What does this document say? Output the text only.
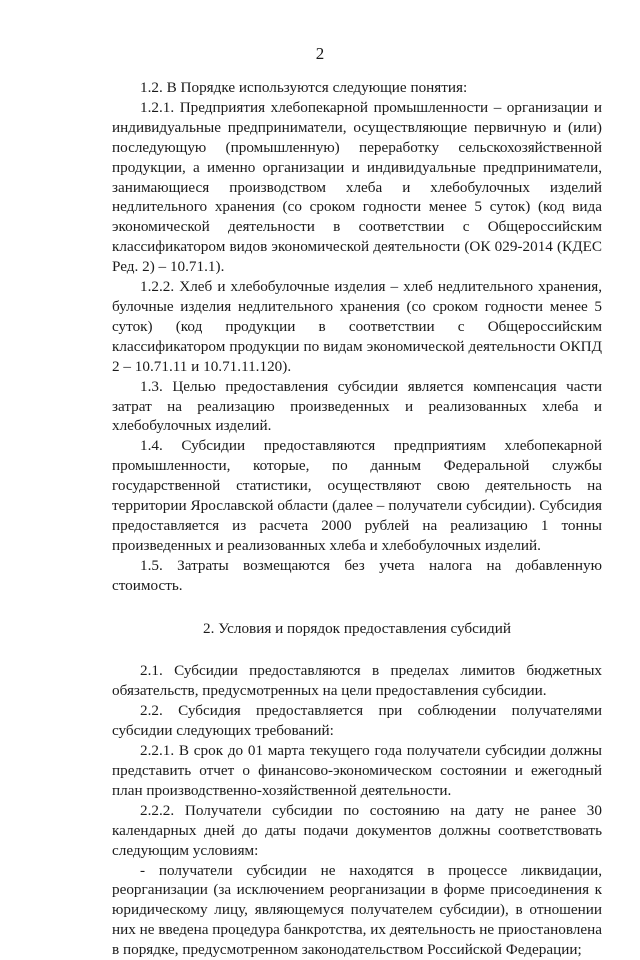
2

1.2. В Порядке используются следующие понятия:

1.2.1. Предприятия хлебопекарной промышленности – организации и индивидуальные предприниматели, осуществляющие первичную и (или) последующую (промышленную) переработку сельскохозяйственной продукции, а именно организации и индивидуальные предприниматели, занимающиеся производством хлеба и хлебобулочных изделий недлительного хранения (со сроком годности менее 5 суток) (код вида экономической деятельности в соответствии с Общероссийским классификатором видов экономической деятельности (ОК 029-2014 (КДЕС Ред. 2) – 10.71.1).

1.2.2. Хлеб и хлебобулочные изделия – хлеб недлительного хранения, булочные изделия недлительного хранения (со сроком годности менее 5 суток) (код продукции в соответствии с Общероссийским классификатором продукции по видам экономической деятельности ОКПД 2 – 10.71.11 и 10.71.11.120).

1.3. Целью предоставления субсидии является компенсация части затрат на реализацию произведенных и реализованных хлеба и хлебобулочных изделий.

1.4. Субсидии предоставляются предприятиям хлебопекарной промышленности, которые, по данным Федеральной службы государственной статистики, осуществляют свою деятельность на территории Ярославской области (далее – получатели субсидии). Субсидия предоставляется из расчета 2000 рублей на реализацию 1 тонны произведенных и реализованных хлеба и хлебобулочных изделий.

1.5. Затраты возмещаются без учета налога на добавленную стоимость.

2. Условия и порядок предоставления субсидий

2.1. Субсидии предоставляются в пределах лимитов бюджетных обязательств, предусмотренных на цели предоставления субсидии.

2.2. Субсидия предоставляется при соблюдении получателями субсидии следующих требований:

2.2.1. В срок до 01 марта текущего года получатели субсидии должны представить отчет о финансово-экономическом состоянии и ежегодный план производственно-хозяйственной деятельности.

2.2.2. Получатели субсидии по состоянию на дату не ранее 30 календарных дней до даты подачи документов должны соответствовать следующим условиям:

- получатели субсидии не находятся в процессе ликвидации, реорганизации (за исключением реорганизации в форме присоединения к юридическому лицу, являющемуся получателем субсидии), в отношении них не введена процедура банкротства, их деятельность не приостановлена в порядке, предусмотренном законодательством Российской Федерации;
